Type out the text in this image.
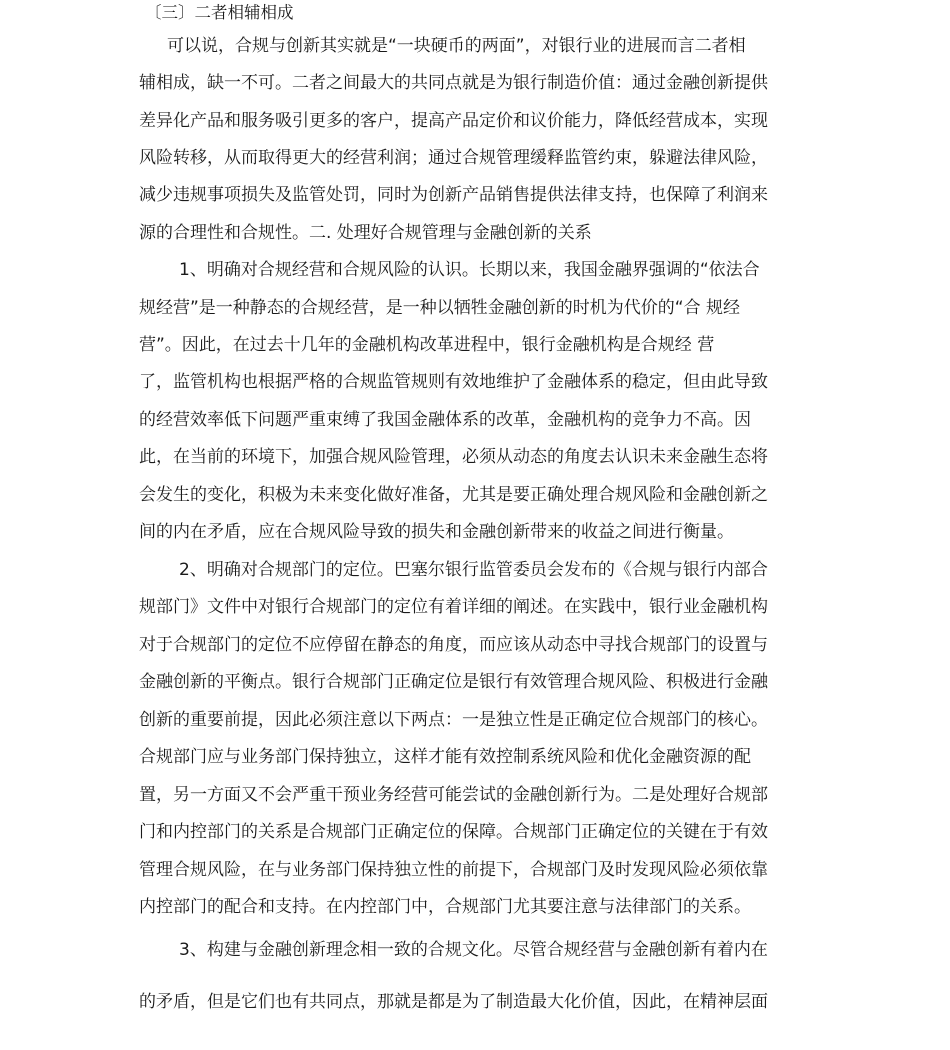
〔三〕二者相辅相成
可以说，合规与创新其实就是“一块硬币的两面”，对银行业的进展而言二者相
辅相成，缺一不可。二者之间最大的共同点就是为银行制造价值：通过金融创新提供
差异化产品和服务吸引更多的客户，提高产品定价和议价能力，降低经营成本，实现
风险转移，从而取得更大的经营利润；通过合规管理缓释监管约束，躲避法律风险，
减少违规事项损失及监管处罚，同时为创新产品销售提供法律支持，也保障了利润来
源的合理性和合规性。二. 处理好合规管理与金融创新的关系
1、明确对合规经营和合规风险的认识。长期以来，我国金融界强调的“依法合
规经营”是一种静态的合规经营，是一种以牺牲金融创新的时机为代价的“合 规经
营”。因此，在过去十几年的金融机构改革进程中，银行金融机构是合规经 营
了，监管机构也根据严格的合规监管规则有效地维护了金融体系的稳定，但由此导致
的经营效率低下问题严重束缚了我国金融体系的改革，金融机构的竞争力不高。因
此，在当前的环境下，加强合规风险管理，必须从动态的角度去认识未来金融生态将
会发生的变化，积极为未来变化做好准备，尤其是要正确处理合规风险和金融创新之
间的内在矛盾，应在合规风险导致的损失和金融创新带来的收益之间进行衡量。
2、明确对合规部门的定位。巴塞尔银行监管委员会发布的《合规与银行内部合
规部门》文件中对银行合规部门的定位有着详细的阐述。在实践中，银行业金融机构
对于合规部门的定位不应停留在静态的角度，而应该从动态中寻找合规部门的设置与
金融创新的平衡点。银行合规部门正确定位是银行有效管理合规风险、积极进行金融
创新的重要前提，因此必须注意以下两点：一是独立性是正确定位合规部门的核心。
合规部门应与业务部门保持独立，这样才能有效控制系统风险和优化金融资源的配
置，另一方面又不会严重干预业务经营可能尝试的金融创新行为。二是处理好合规部
门和内控部门的关系是合规部门正确定位的保障。合规部门正确定位的关键在于有效
管理合规风险，在与业务部门保持独立性的前提下，合规部门及时发现风险必须依靠
内控部门的配合和支持。在内控部门中，合规部门尤其要注意与法律部门的关系。
3、构建与金融创新理念相一致的合规文化。尽管合规经营与金融创新有着内在
的矛盾，但是它们也有共同点，那就是都是为了制造最大化价值，因此，在精神层面
